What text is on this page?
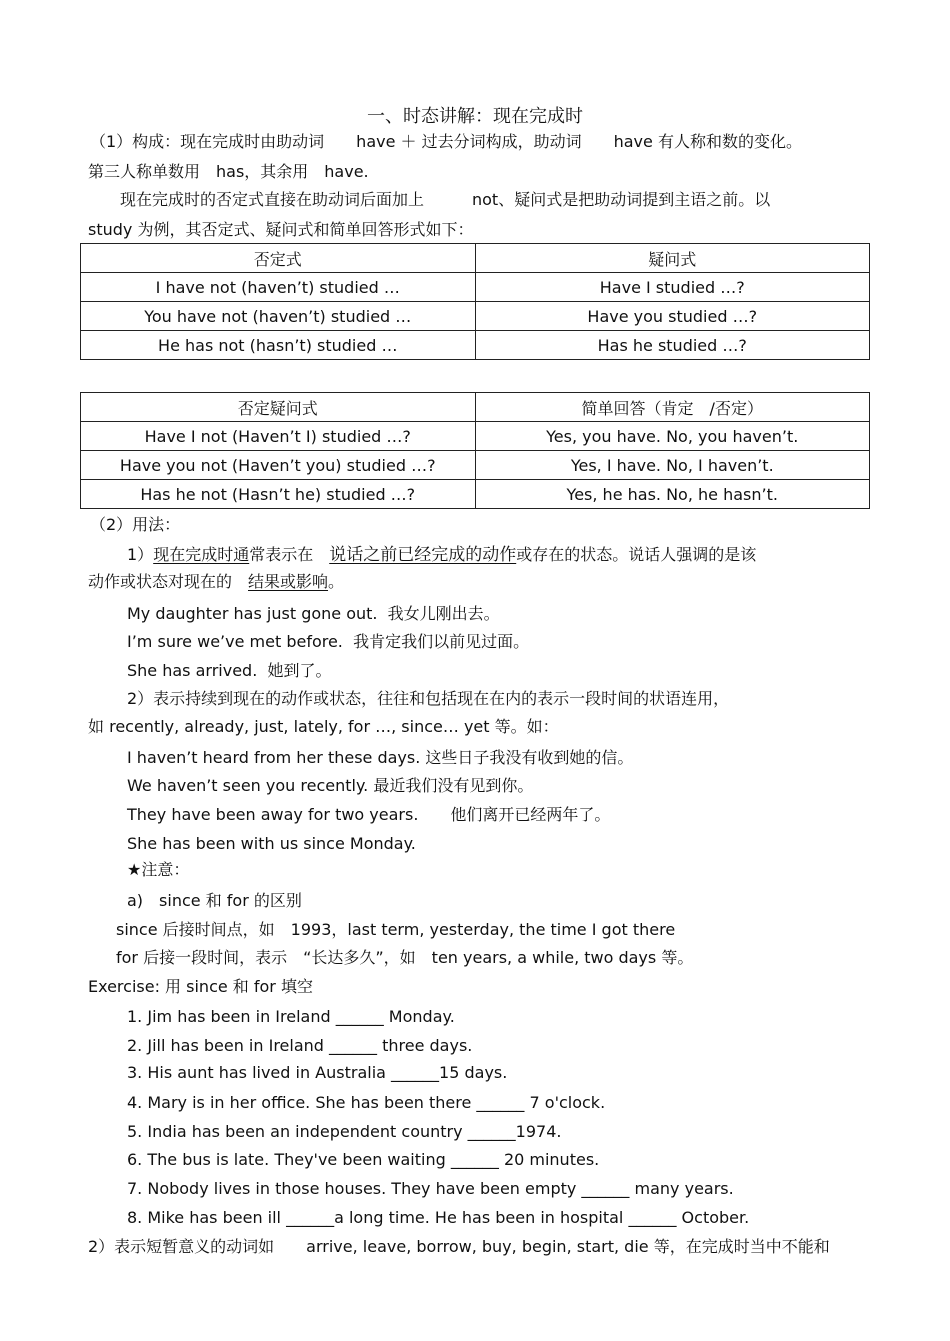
一、时态讲解：现在完成时
（1）构成：现在完成时由助动词　　have ＋ 过去分词构成，助动词　　have 有人称和数的变化。
第三人称单数用　has，其余用　have.
　　现在完成时的否定式直接在助动词后面加上　　　not、疑问式是把助动词提到主语之前。以
study 为例，其否定式、疑问式和简单回答形式如下：
否定式	疑问式
I have not (haven’t) studied …	Have I studied …?
You have not (haven’t) studied …	Have you studied …?
He has not (hasn’t) studied …	Has he studied …?
否定疑问式	简单回答（肯定　/否定）
Have I not (Haven’t I) studied …?	Yes, you have. No, you haven’t.
Have you not (Haven’t you) studied …?	Yes, I have. No, I haven’t.
Has he not (Hasn’t he) studied …?	Yes, he has. No, he hasn’t.
（2）用法：
1）现在完成时通常表示在　说话之前已经完成的动作或存在的状态。说话人强调的是该
动作或状态对现在的　结果或影响。
My daughter has just gone out.  我女儿刚出去。
I’m sure we’ve met before.  我肯定我们以前见过面。
She has arrived.  她到了。
2）表示持续到现在的动作或状态，往往和包括现在在内的表示一段时间的状语连用，
如 recently, already, just, lately, for …, since… yet 等。如：
I haven’t heard from her these days. 这些日子我没有收到她的信。
We haven’t seen you recently. 最近我们没有见到你。
They have been away for two years.　　他们离开已经两年了。
She has been with us since Monday.
★注意：
a)　since 和 for 的区别
since 后接时间点，如　1993，last term, yesterday, the time I got there
for 后接一段时间，表示　“长达多久”，如　ten years, a while, two days 等。
Exercise: 用 since 和 for 填空
1. Jim has been in Ireland ______ Monday.
2. Jill has been in Ireland ______ three days.
3. His aunt has lived in Australia ______15 days.
4. Mary is in her office. She has been there ______ 7 o'clock.
5. India has been an independent country ______1974.
6. The bus is late. They've been waiting ______ 20 minutes.
7. Nobody lives in those houses. They have been empty ______ many years.
8. Mike has been ill ______a long time. He has been in hospital ______ October.
2）表示短暂意义的动词如　　arrive, leave, borrow, buy, begin, start, die 等，在完成时当中不能和
